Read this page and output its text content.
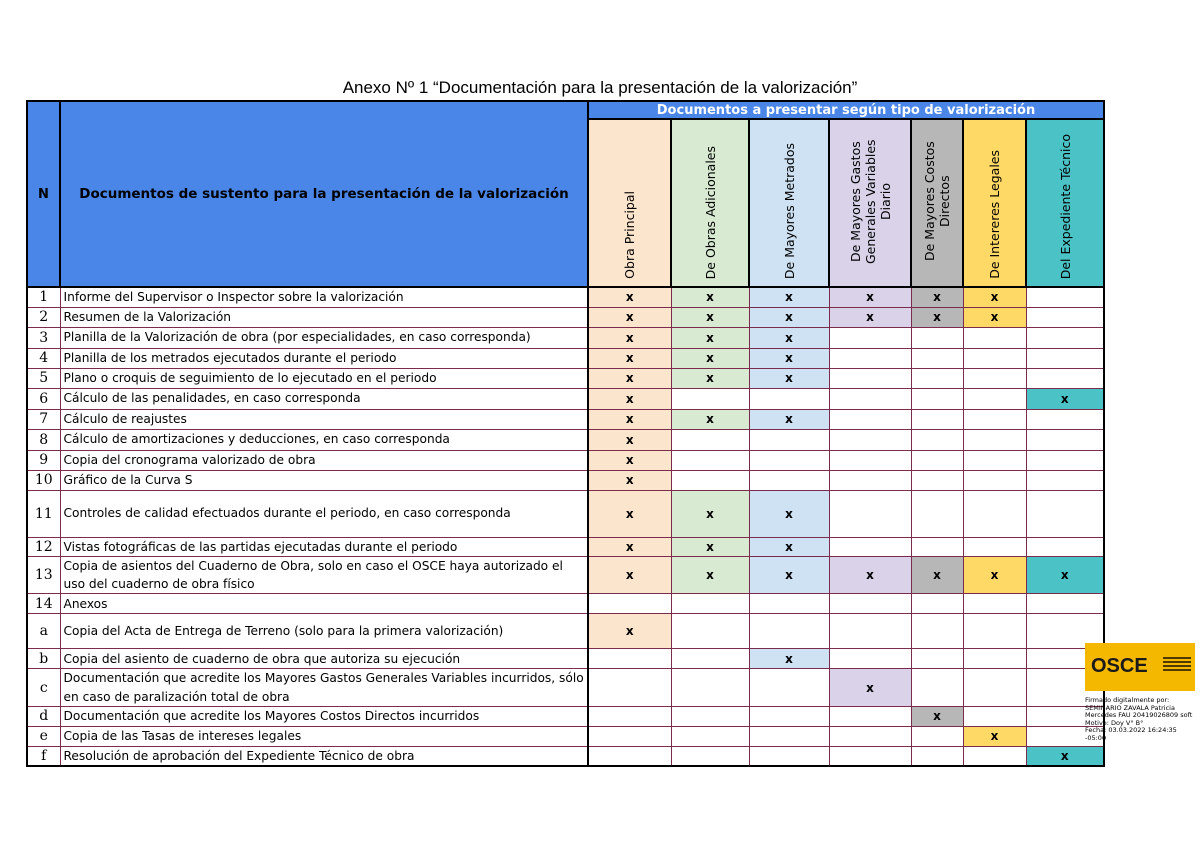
Anexo Nº 1 “Documentación para la presentación de la valorización”
N	Documentos de sustento para la presentación de la valorización	Documentos a presentar según tipo de valorización						
		Obra Principal	De Obras Adicionales	De Mayores Metrados	De Mayores Gastos Generales Variables Diario	De Mayores Costos Directos	De Intereres Legales	Del Expediente Técnico
1	Informe del Supervisor o Inspector sobre la valorización	x	x	x	x	x	x	
2	Resumen de la Valorización	x	x	x	x	x	x	
3	Planilla de la Valorización de obra (por especialidades, en caso corresponda)	x	x	x				
4	Planilla de los metrados ejecutados durante el periodo	x	x	x				
5	Plano o croquis de seguimiento de lo ejecutado en el periodo	x	x	x				
6	Cálculo de las penalidades, en caso corresponda	x						x
7	Cálculo de reajustes	x	x	x				
8	Cálculo de amortizaciones y deducciones, en caso corresponda	x						
9	Copia del cronograma valorizado de obra	x						
10	Gráfico de la Curva S	x						
11	Controles de calidad efectuados durante el periodo, en caso corresponda	x	x	x				
12	Vistas fotográficas de las partidas ejecutadas durante el periodo	x	x	x				
13	Copia de asientos del Cuaderno de Obra, solo en caso el OSCE haya autorizado el uso del cuaderno de obra físico	x	x	x	x	x	x	x
14	Anexos							
a	Copia del Acta de Entrega de Terreno (solo para la primera valorización)	x						
b	Copia del asiento de cuaderno de obra que autoriza su ejecución			x				
c	Documentación que acredite los Mayores Gastos Generales Variables incurridos, sólo en caso de paralización total de obra				x			
d	Documentación que acredite los Mayores Costos Directos incurridos					x		
e	Copia de las Tasas de intereses legales						x	
f	Resolución de aprobación del Expediente Técnico de obra							x
OSCE
Firmado digitalmente por:
SEMINARIO ZAVALA Patricia
Mercedes FAU 20419026809 soft
Motivo: Doy V° B°
Fecha: 03.03.2022 16:24:35 -05:00
